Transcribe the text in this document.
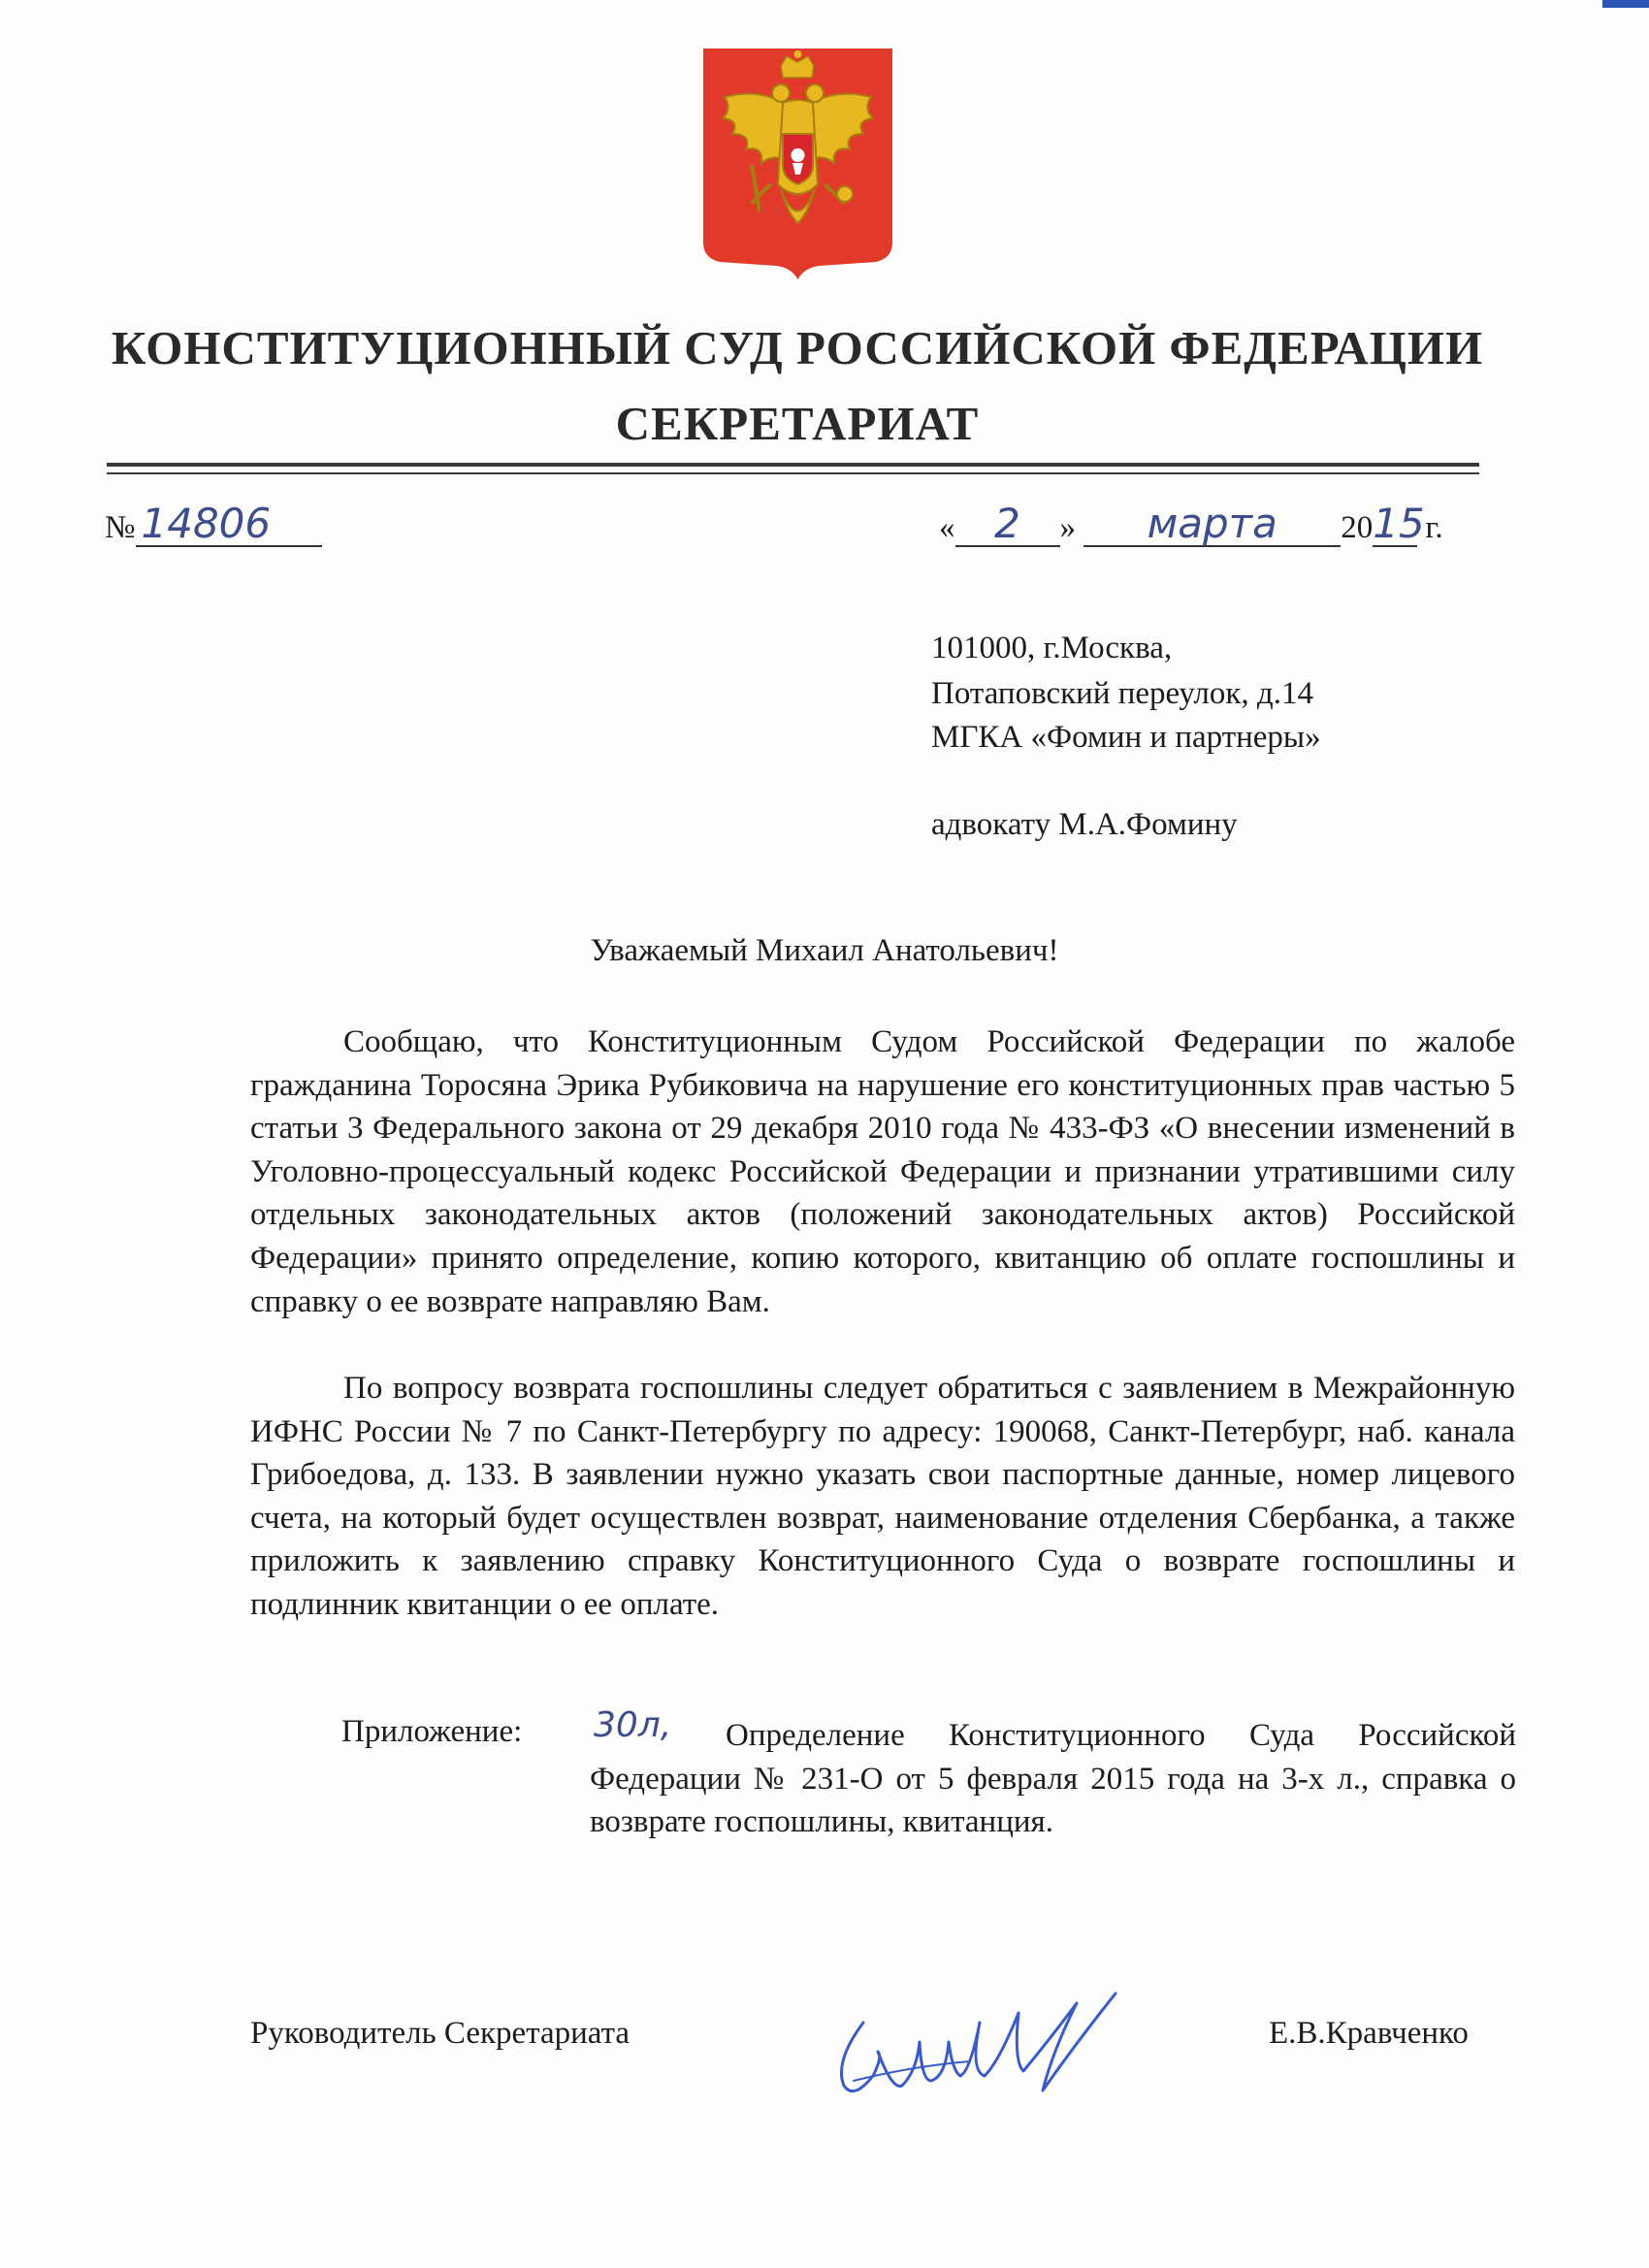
КОНСТИТУЦИОННЫЙ СУД РОССИЙСКОЙ ФЕДЕРАЦИИ
СЕКРЕТАРИАТ
№ 14806	« 2 » марта 2015 г.
101000, г.Москва,
Потаповский переулок, д.14
МГКА «Фомин и партнеры»
адвокату М.А.Фомину
Уважаемый Михаил Анатольевич!

Сообщаю, что Конституционным Судом Российской Федерации по жалобе гражданина Торосяна Эрика Рубиковича на нарушение его конституционных прав частью 5 статьи 3 Федерального закона от 29 декабря 2010 года № 433-ФЗ «О внесении изменений в Уголовно-процессуальный кодекс Российской Федерации и признании утратившими силу отдельных законодательных актов (положений законодательных актов) Российской Федерации» принято определение, копию которого, квитанцию об оплате госпошлины и справку о ее возврате направляю Вам.

По вопросу возврата госпошлины следует обратиться с заявлением в Межрайонную ИФНС России № 7 по Санкт-Петербургу по адресу: 190068, Санкт-Петербург, наб. канала Грибоедова, д. 133. В заявлении нужно указать свои паспортные данные, номер лицевого счета, на который будет осуществлен возврат, наименование отделения Сбербанка, а также приложить к заявлению справку Конституционного Суда о возврате госпошлины и подлинник квитанции о ее оплате.

Приложение: 30л,	Определение Конституционного Суда Российской Федерации № 231-О от 5 февраля 2015 года на 3-х л., справка о возврате госпошлины, квитанция.

Руководитель Секретариата	Е.В.Кравченко
